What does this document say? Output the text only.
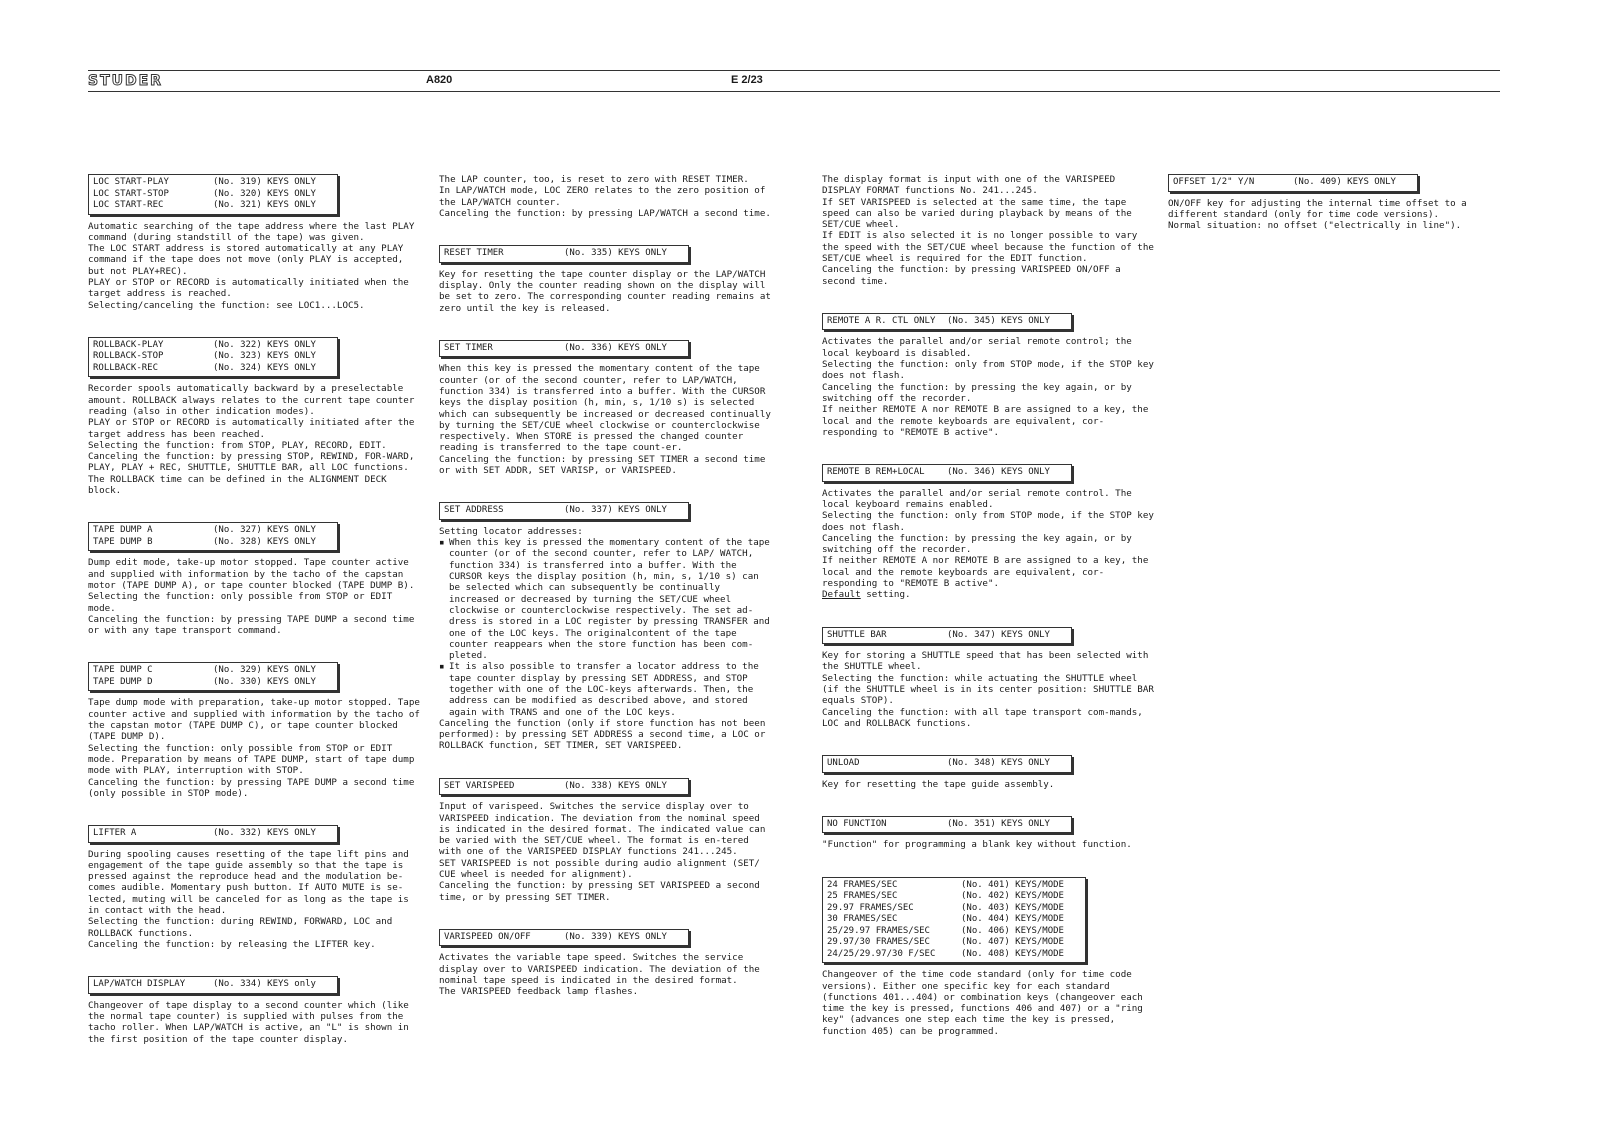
STUDER	A820	E 2/23
LOC START-PLAY	(No. 319) KEYS ONLY
LOC START-STOP	(No. 320) KEYS ONLY
LOC START-REC	(No. 321) KEYS ONLY
Automatic searching of the tape address where the last PLAY command (during standstill of the tape) was given.
The LOC START address is stored automatically at any PLAY command if the tape does not move (only PLAY is accepted, but not PLAY+REC).
PLAY or STOP or RECORD is automatically initiated when the target address is reached.
Selecting/canceling the function: see LOC1...LOC5.
ROLLBACK-PLAY	(No. 322) KEYS ONLY
ROLLBACK-STOP	(No. 323) KEYS ONLY
ROLLBACK-REC	(No. 324) KEYS ONLY
Recorder spools automatically backward by a preselectable amount. ROLLBACK always relates to the current tape counter reading (also in other indication modes).
PLAY or STOP or RECORD is automatically initiated after the target address has been reached.
Selecting the function: from STOP, PLAY, RECORD, EDIT.
Canceling the function: by pressing STOP, REWIND, FOR-WARD, PLAY, PLAY + REC, SHUTTLE, SHUTTLE BAR, all LOC functions.
The ROLLBACK time can be defined in the ALIGNMENT DECK block.
TAPE DUMP A	(No. 327) KEYS ONLY
TAPE DUMP B	(No. 328) KEYS ONLY
Dump edit mode, take-up motor stopped. Tape counter active and supplied with information by the tacho of the capstan motor (TAPE DUMP A), or tape counter blocked (TAPE DUMP B).
Selecting the function: only possible from STOP or EDIT mode.
Canceling the function: by pressing TAPE DUMP a second time or with any tape transport command.
TAPE DUMP C	(No. 329) KEYS ONLY
TAPE DUMP D	(No. 330) KEYS ONLY
Tape dump mode with preparation, take-up motor stopped. Tape counter active and supplied with information by the tacho of the capstan motor (TAPE DUMP C), or tape counter blocked (TAPE DUMP D).
Selecting the function: only possible from STOP or EDIT mode. Preparation by means of TAPE DUMP, start of tape dump mode with PLAY, interruption with STOP.
Canceling the function: by pressing TAPE DUMP a second time (only possible in STOP mode).
LIFTER A	(No. 332) KEYS ONLY
During spooling causes resetting of the tape lift pins and engagement of the tape guide assembly so that the tape is pressed against the reproduce head and the modulation be-comes audible. Momentary push button. If AUTO MUTE is se-lected, muting will be canceled for as long as the tape is in contact with the head.
Selecting the function: during REWIND, FORWARD, LOC and ROLLBACK functions.
Canceling the function: by releasing the LIFTER key.
LAP/WATCH DISPLAY	(No. 334) KEYS only
Changeover of tape display to a second counter which (like the normal tape counter) is supplied with pulses from the tacho roller. When LAP/WATCH is active, an "L" is shown in the first position of the tape counter display.
The LAP counter, too, is reset to zero with RESET TIMER.
In LAP/WATCH mode, LOC ZERO relates to the zero position of the LAP/WATCH counter.
Canceling the function: by pressing LAP/WATCH a second time.
RESET TIMER	(No. 335) KEYS ONLY
Key for resetting the tape counter display or the LAP/WATCH display. Only the counter reading shown on the display will be set to zero. The corresponding counter reading remains at zero until the key is released.
SET TIMER	(No. 336) KEYS ONLY
When this key is pressed the momentary content of the tape counter (or of the second counter, refer to LAP/WATCH, function 334) is transferred into a buffer. With the CURSOR keys the display position (h, min, s, 1/10 s) is selected which can subsequently be increased or decreased continually by turning the SET/CUE wheel clockwise or counterclockwise respectively. When STORE is pressed the changed counter reading is transferred to the tape count-er.
Canceling the function: by pressing SET TIMER a second time or with SET ADDR, SET VARISP, or VARISPEED.
SET ADDRESS	(No. 337) KEYS ONLY
Setting locator addresses:
▪ When this key is pressed the momentary content of the tape counter (or of the second counter, refer to LAP/ WATCH, function 334) is transferred into a buffer. With the CURSOR keys the display position (h, min, s, 1/10 s) can be selected which can subsequently be continually increased or decreased by turning the SET/CUE wheel clockwise or counterclockwise respectively. The set ad-dress is stored in a LOC register by pressing TRANSFER and one of the LOC keys. The originalcontent of the tape counter reappears when the store function has been com-pleted.
▪ It is also possible to transfer a locator address to the tape counter display by pressing SET ADDRESS, and STOP together with one of the LOC-keys afterwards. Then, the address can be modified as described above, and stored again with TRANS and one of the LOC keys.
Canceling the function (only if store function has not been performed): by pressing SET ADDRESS a second time, a LOC or ROLLBACK function, SET TIMER, SET VARISPEED.
SET VARISPEED	(No. 338) KEYS ONLY
Input of varispeed. Switches the service display over to VARISPEED indication. The deviation from the nominal speed is indicated in the desired format. The indicated value can be varied with the SET/CUE wheel. The format is en-tered with one of the VARISPEED DISPLAY functions 241...245.
SET VARISPEED is not possible during audio alignment (SET/ CUE wheel is needed for alignment).
Canceling the function: by pressing SET VARISPEED a second time, or by pressing SET TIMER.
VARISPEED ON/OFF	(No. 339) KEYS ONLY
Activates the variable tape speed. Switches the service display over to VARISPEED indication. The deviation of the nominal tape speed is indicated in the desired format.
The VARISPEED feedback lamp flashes.
The display format is input with one of the VARISPEED DISPLAY FORMAT functions No. 241...245.
If SET VARISPEED is selected at the same time, the tape speed can also be varied during playback by means of the SET/CUE wheel.
If EDIT is also selected it is no longer possible to vary the speed with the SET/CUE wheel because the function of the SET/CUE wheel is required for the EDIT function.
Canceling the function: by pressing VARISPEED ON/OFF a second time.
REMOTE A R. CTL ONLY	(No. 345) KEYS ONLY
Activates the parallel and/or serial remote control; the local keyboard is disabled.
Selecting the function: only from STOP mode, if the STOP key does not flash.
Canceling the function: by pressing the key again, or by switching off the recorder.
If neither REMOTE A nor REMOTE B are assigned to a key, the local and the remote keyboards are equivalent, cor-responding to "REMOTE B active".
REMOTE B REM+LOCAL	(No. 346) KEYS ONLY
Activates the parallel and/or serial remote control. The local keyboard remains enabled.
Selecting the function: only from STOP mode, if the STOP key does not flash.
Canceling the function: by pressing the key again, or by switching off the recorder.
If neither REMOTE A nor REMOTE B are assigned to a key, the local and the remote keyboards are equivalent, cor-responding to "REMOTE B active".
Default setting.
SHUTTLE BAR	(No. 347) KEYS ONLY
Key for storing a SHUTTLE speed that has been selected with the SHUTTLE wheel.
Selecting the function: while actuating the SHUTTLE wheel (if the SHUTTLE wheel is in its center position: SHUTTLE BAR equals STOP).
Canceling the function: with all tape transport com-mands, LOC and ROLLBACK functions.
UNLOAD	(No. 348) KEYS ONLY
Key for resetting the tape guide assembly.
NO FUNCTION	(No. 351) KEYS ONLY
"Function" for programming a blank key without function.
24 FRAMES/SEC	(No. 401) KEYS/MODE
25 FRAMES/SEC	(No. 402) KEYS/MODE
29.97 FRAMES/SEC	(No. 403) KEYS/MODE
30 FRAMES/SEC	(No. 404) KEYS/MODE
25/29.97 FRAMES/SEC	(No. 406) KEYS/MODE
29.97/30 FRAMES/SEC	(No. 407) KEYS/MODE
24/25/29.97/30 F/SEC	(No. 408) KEYS/MODE
Changeover of the time code standard (only for time code versions). Either one specific key for each standard (functions 401...404) or combination keys (changeover each time the key is pressed, functions 406 and 407) or a "ring key" (advances one step each time the key is pressed, function 405) can be programmed.
OFFSET 1/2" Y/N	(No. 409) KEYS ONLY
ON/OFF key for adjusting the internal time offset to a different standard (only for time code versions).
Normal situation: no offset ("electrically in line").
